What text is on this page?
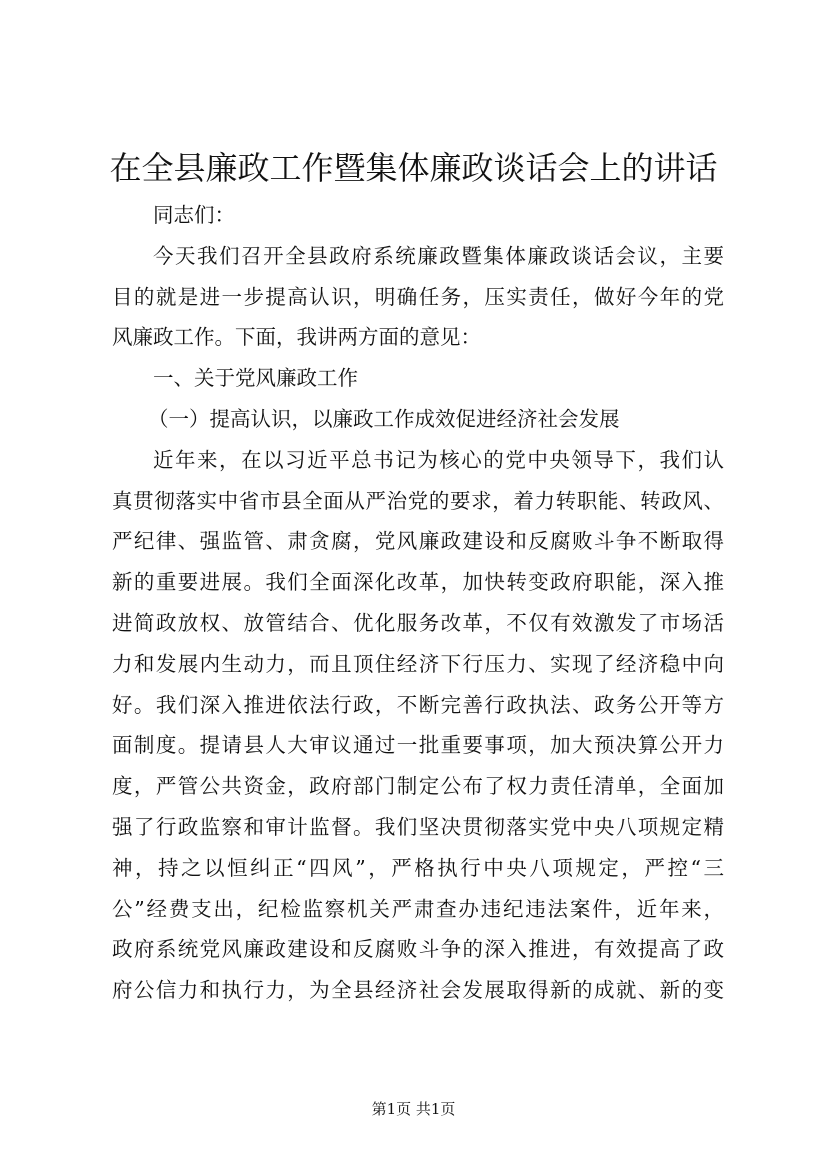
在全县廉政工作暨集体廉政谈话会上的讲话
同志们：
今天我们召开全县政府系统廉政暨集体廉政谈话会议，主要
目的就是进一步提高认识，明确任务，压实责任，做好今年的党
风廉政工作。下面，我讲两方面的意见：
一、关于党风廉政工作
（一）提高认识，以廉政工作成效促进经济社会发展
近年来，在以习近平总书记为核心的党中央领导下，我们认
真贯彻落实中省市县全面从严治党的要求，着力转职能、转政风、
严纪律、强监管、肃贪腐，党风廉政建设和反腐败斗争不断取得
新的重要进展。我们全面深化改革，加快转变政府职能，深入推
进简政放权、放管结合、优化服务改革，不仅有效激发了市场活
力和发展内生动力，而且顶住经济下行压力、实现了经济稳中向
好。我们深入推进依法行政，不断完善行政执法、政务公开等方
面制度。提请县人大审议通过一批重要事项，加大预决算公开力
度，严管公共资金，政府部门制定公布了权力责任清单，全面加
强了行政监察和审计监督。我们坚决贯彻落实党中央八项规定精
神，持之以恒纠正“四风”，严格执行中央八项规定，严控“三
公”经费支出，纪检监察机关严肃查办违纪违法案件，近年来，
政府系统党风廉政建设和反腐败斗争的深入推进，有效提高了政
府公信力和执行力，为全县经济社会发展取得新的成就、新的变
第1页 共1页
